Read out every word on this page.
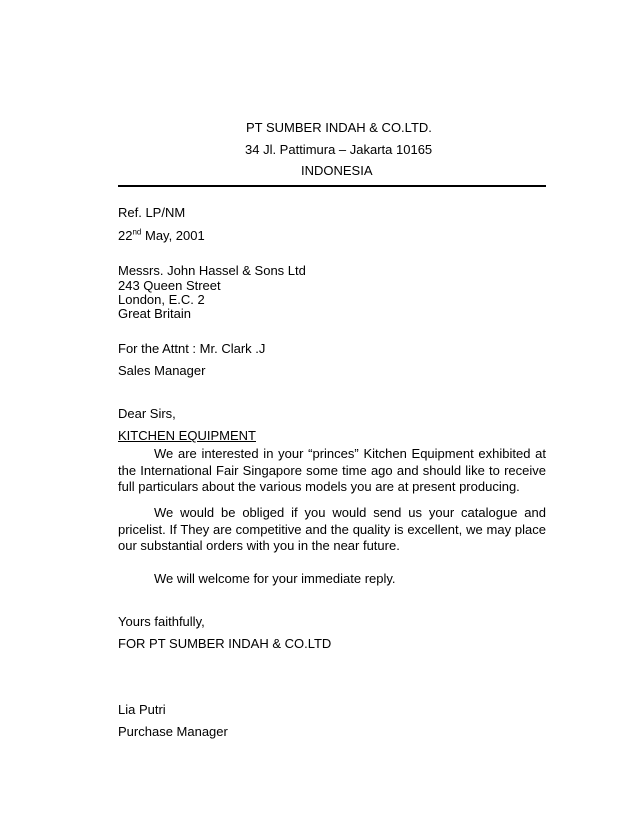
PT SUMBER INDAH & CO.LTD.
34 Jl. Pattimura – Jakarta 10165
INDONESIA
Ref. LP/NM
22nd May, 2001
Messrs. John Hassel & Sons Ltd
243 Queen Street
London, E.C. 2
Great Britain
For the Attnt : Mr. Clark .J
Sales Manager
Dear Sirs,
KITCHEN EQUIPMENT
We are interested in your “princes” Kitchen Equipment exhibited at the International Fair Singapore some time ago and should like to receive full particulars about the various models you are at present producing.
We would be obliged if you would send us your catalogue and pricelist. If They are competitive and the quality is excellent, we may place our substantial orders with you in the near future.
We will welcome for your immediate reply.
Yours faithfully,
FOR PT SUMBER INDAH & CO.LTD
Lia Putri
Purchase Manager
